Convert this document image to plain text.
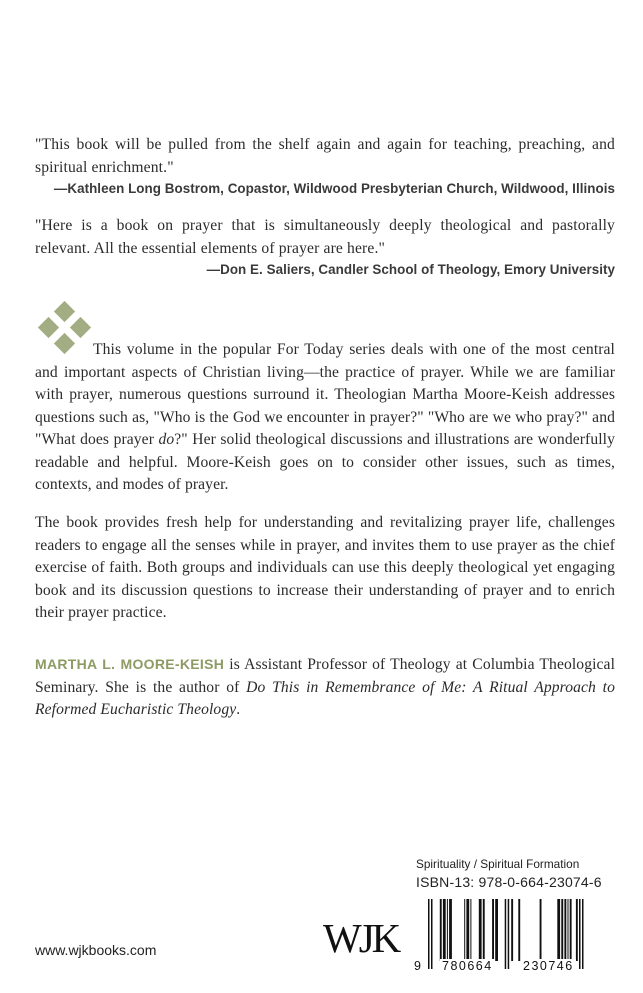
"This book will be pulled from the shelf again and again for teaching, preaching, and spiritual enrichment."
—Kathleen Long Bostrom, Copastor, Wildwood Presbyterian Church, Wildwood, Illinois
"Here is a book on prayer that is simultaneously deeply theological and pastorally relevant. All the essential elements of prayer are here."
—Don E. Saliers, Candler School of Theology, Emory University
This volume in the popular For Today series deals with one of the most central and important aspects of Christian living—the practice of prayer. While we are familiar with prayer, numerous questions surround it. Theologian Martha Moore-Keish addresses questions such as, "Who is the God we encounter in prayer?" "Who are we who pray?" and "What does prayer do?" Her solid theological discussions and illustrations are wonderfully readable and helpful. Moore-Keish goes on to consider other issues, such as times, contexts, and modes of prayer.
The book provides fresh help for understanding and revitalizing prayer life, challenges readers to engage all the senses while in prayer, and invites them to use prayer as the chief exercise of faith. Both groups and individuals can use this deeply theological yet engaging book and its discussion questions to increase their understanding of prayer and to enrich their prayer practice.
MARTHA L. MOORE-KEISH is Assistant Professor of Theology at Columbia Theological Seminary. She is the author of Do This in Remembrance of Me: A Ritual Approach to Reformed Eucharistic Theology.
Spirituality / Spiritual Formation
ISBN-13: 978-0-664-23074-6
www.wjkbooks.com	WJK
9 780664 230746
